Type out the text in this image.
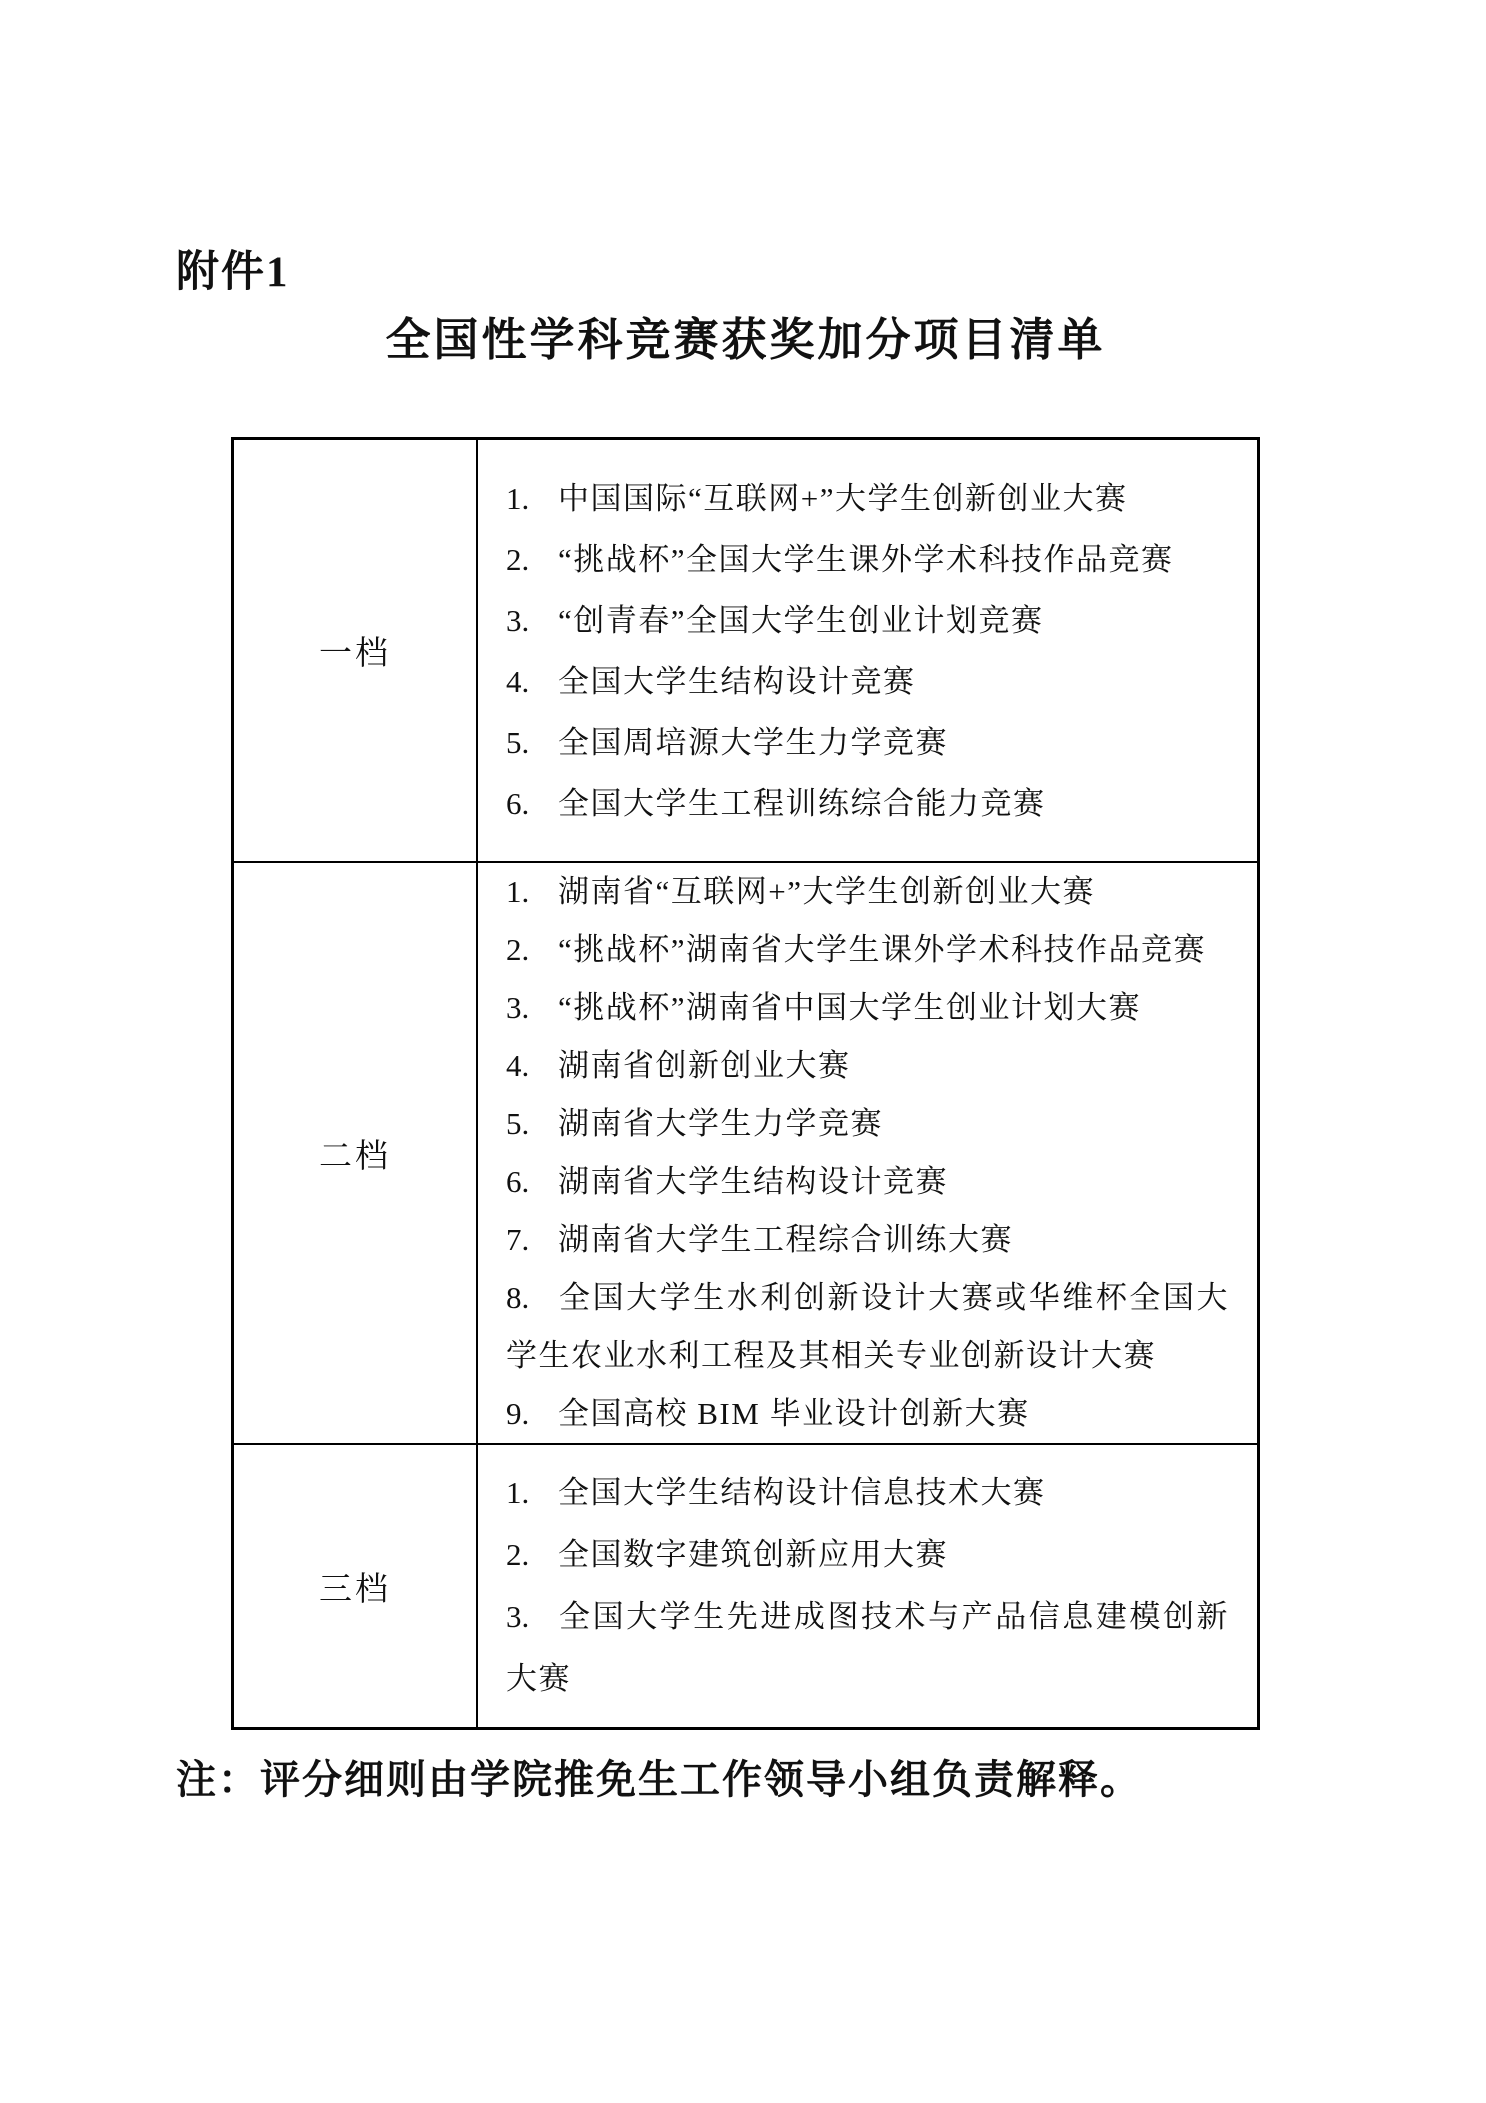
附件1
全国性学科竞赛获奖加分项目清单
一档
中国国际“互联网+”大学生创新创业大赛
“挑战杯”全国大学生课外学术科技作品竞赛
“创青春”全国大学生创业计划竞赛
全国大学生结构设计竞赛
全国周培源大学生力学竞赛
全国大学生工程训练综合能力竞赛
二档
湖南省“互联网+”大学生创新创业大赛
“挑战杯”湖南省大学生课外学术科技作品竞赛
“挑战杯”湖南省中国大学生创业计划大赛
湖南省创新创业大赛
湖南省大学生力学竞赛
湖南省大学生结构设计竞赛
湖南省大学生工程综合训练大赛
全国大学生水利创新设计大赛或华维杯全国大学生农业水利工程及其相关专业创新设计大赛
全国高校 BIM 毕业设计创新大赛
三档
全国大学生结构设计信息技术大赛
全国数字建筑创新应用大赛
全国大学生先进成图技术与产品信息建模创新大赛
注：评分细则由学院推免生工作领导小组负责解释。
